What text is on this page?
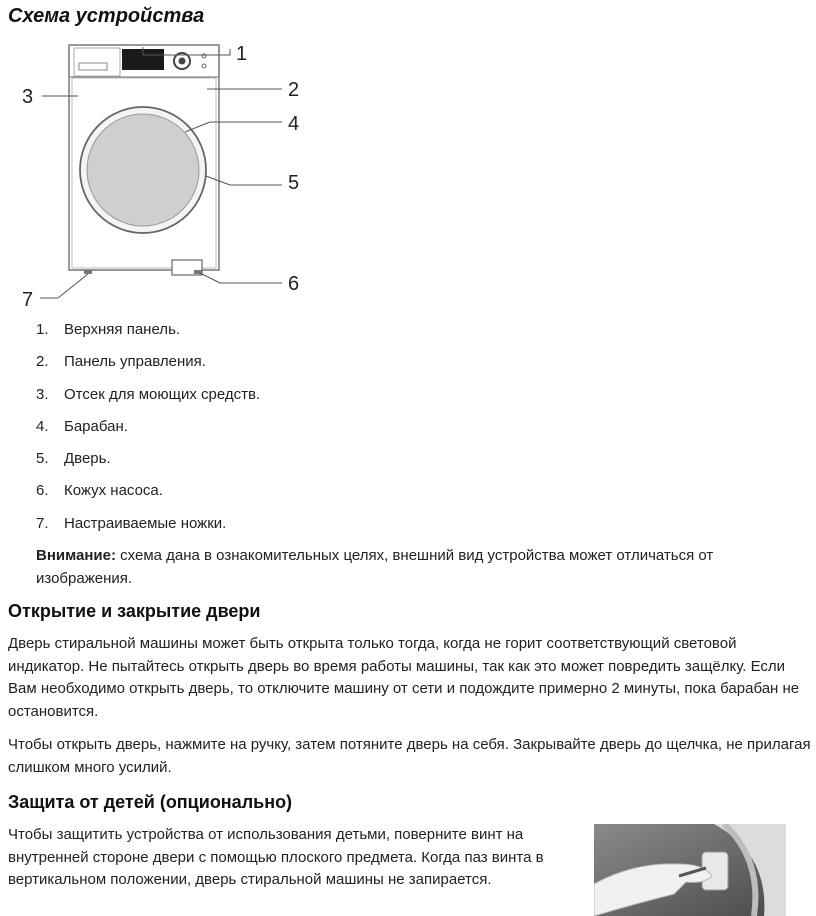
Схема устройства
1
2
3
4
5
6
7
1. Верхняя панель.
2. Панель управления.
3. Отсек для моющих средств.
4. Барабан.
5. Дверь.
6. Кожух насоса.
7. Настраиваемые ножки.

Внимание: схема дана в ознакомительных целях, внешний вид устройства может отличаться от изображения.

Открытие и закрытие двери

Дверь стиральной машины может быть открыта только тогда, когда не горит соответствующий световой индикатор. Не пытайтесь открыть дверь во время работы машины, так как это может повредить защёлку. Если Вам необходимо открыть дверь, то отключите машину от сети и подождите примерно 2 минуты, пока барабан не остановится.

Чтобы открыть дверь, нажмите на ручку, затем потяните дверь на себя. Закрывайте дверь до щелчка, не прилагая слишком много усилий.

Защита от детей (опционально)

Чтобы защитить устройства от использования детьми, поверните винт на внутренней стороне двери с помощью плоского предмета. Когда паз винта в вертикальном положении, дверь стиральной машины не запирается.
